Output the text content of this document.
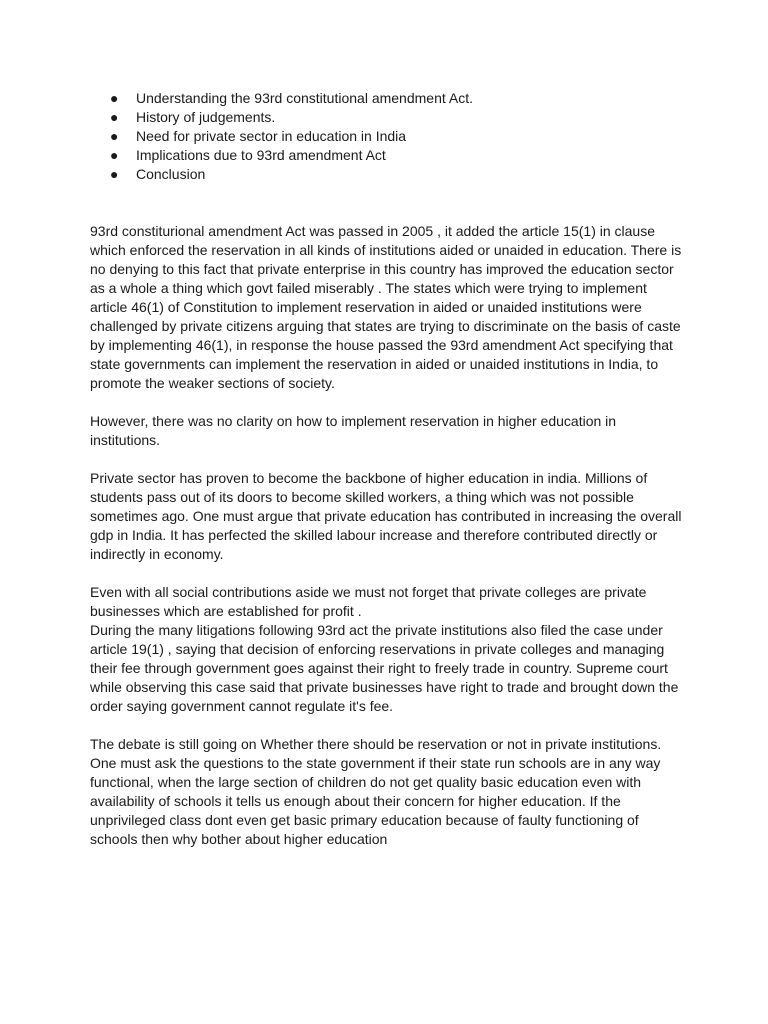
● Understanding the 93rd constitutional amendment Act.
● History of judgements.
● Need for private sector in education in India
● Implications due to 93rd amendment Act
● Conclusion

93rd constiturional amendment Act was passed in 2005 , it added the article 15(1) in clause
which enforced the reservation in all kinds of institutions aided or unaided in education. There is
no denying to this fact that private enterprise in this country has improved the education sector
as a whole a thing which govt failed miserably . The states which were trying to implement
article 46(1) of Constitution to implement reservation in aided or unaided institutions were
challenged by private citizens arguing that states are trying to discriminate on the basis of caste
by implementing 46(1), in response the house passed the 93rd amendment Act specifying that
state governments can implement the reservation in aided or unaided institutions in India, to
promote the weaker sections of society.

However, there was no clarity on how to implement reservation in higher education in
institutions.

Private sector has proven to become the backbone of higher education in india. Millions of
students pass out of its doors to become skilled workers, a thing which was not possible
sometimes ago. One must argue that private education has contributed in increasing the overall
gdp in India. It has perfected the skilled labour increase and therefore contributed directly or
indirectly in economy.

Even with all social contributions aside we must not forget that private colleges are private
businesses which are established for profit .

During the many litigations following 93rd act the private institutions also filed the case under
article 19(1) , saying that decision of enforcing reservations in private colleges and managing
their fee through government goes against their right to freely trade in country. Supreme court
while observing this case said that private businesses have right to trade and brought down the
order saying government cannot regulate it's fee.

The debate is still going on Whether there should be reservation or not in private institutions.
One must ask the questions to the state government if their state run schools are in any way
functional, when the large section of children do not get quality basic education even with
availability of schools it tells us enough about their concern for higher education. If the
unprivileged class dont even get basic primary education because of faulty functioning of
schools then why bother about higher education
